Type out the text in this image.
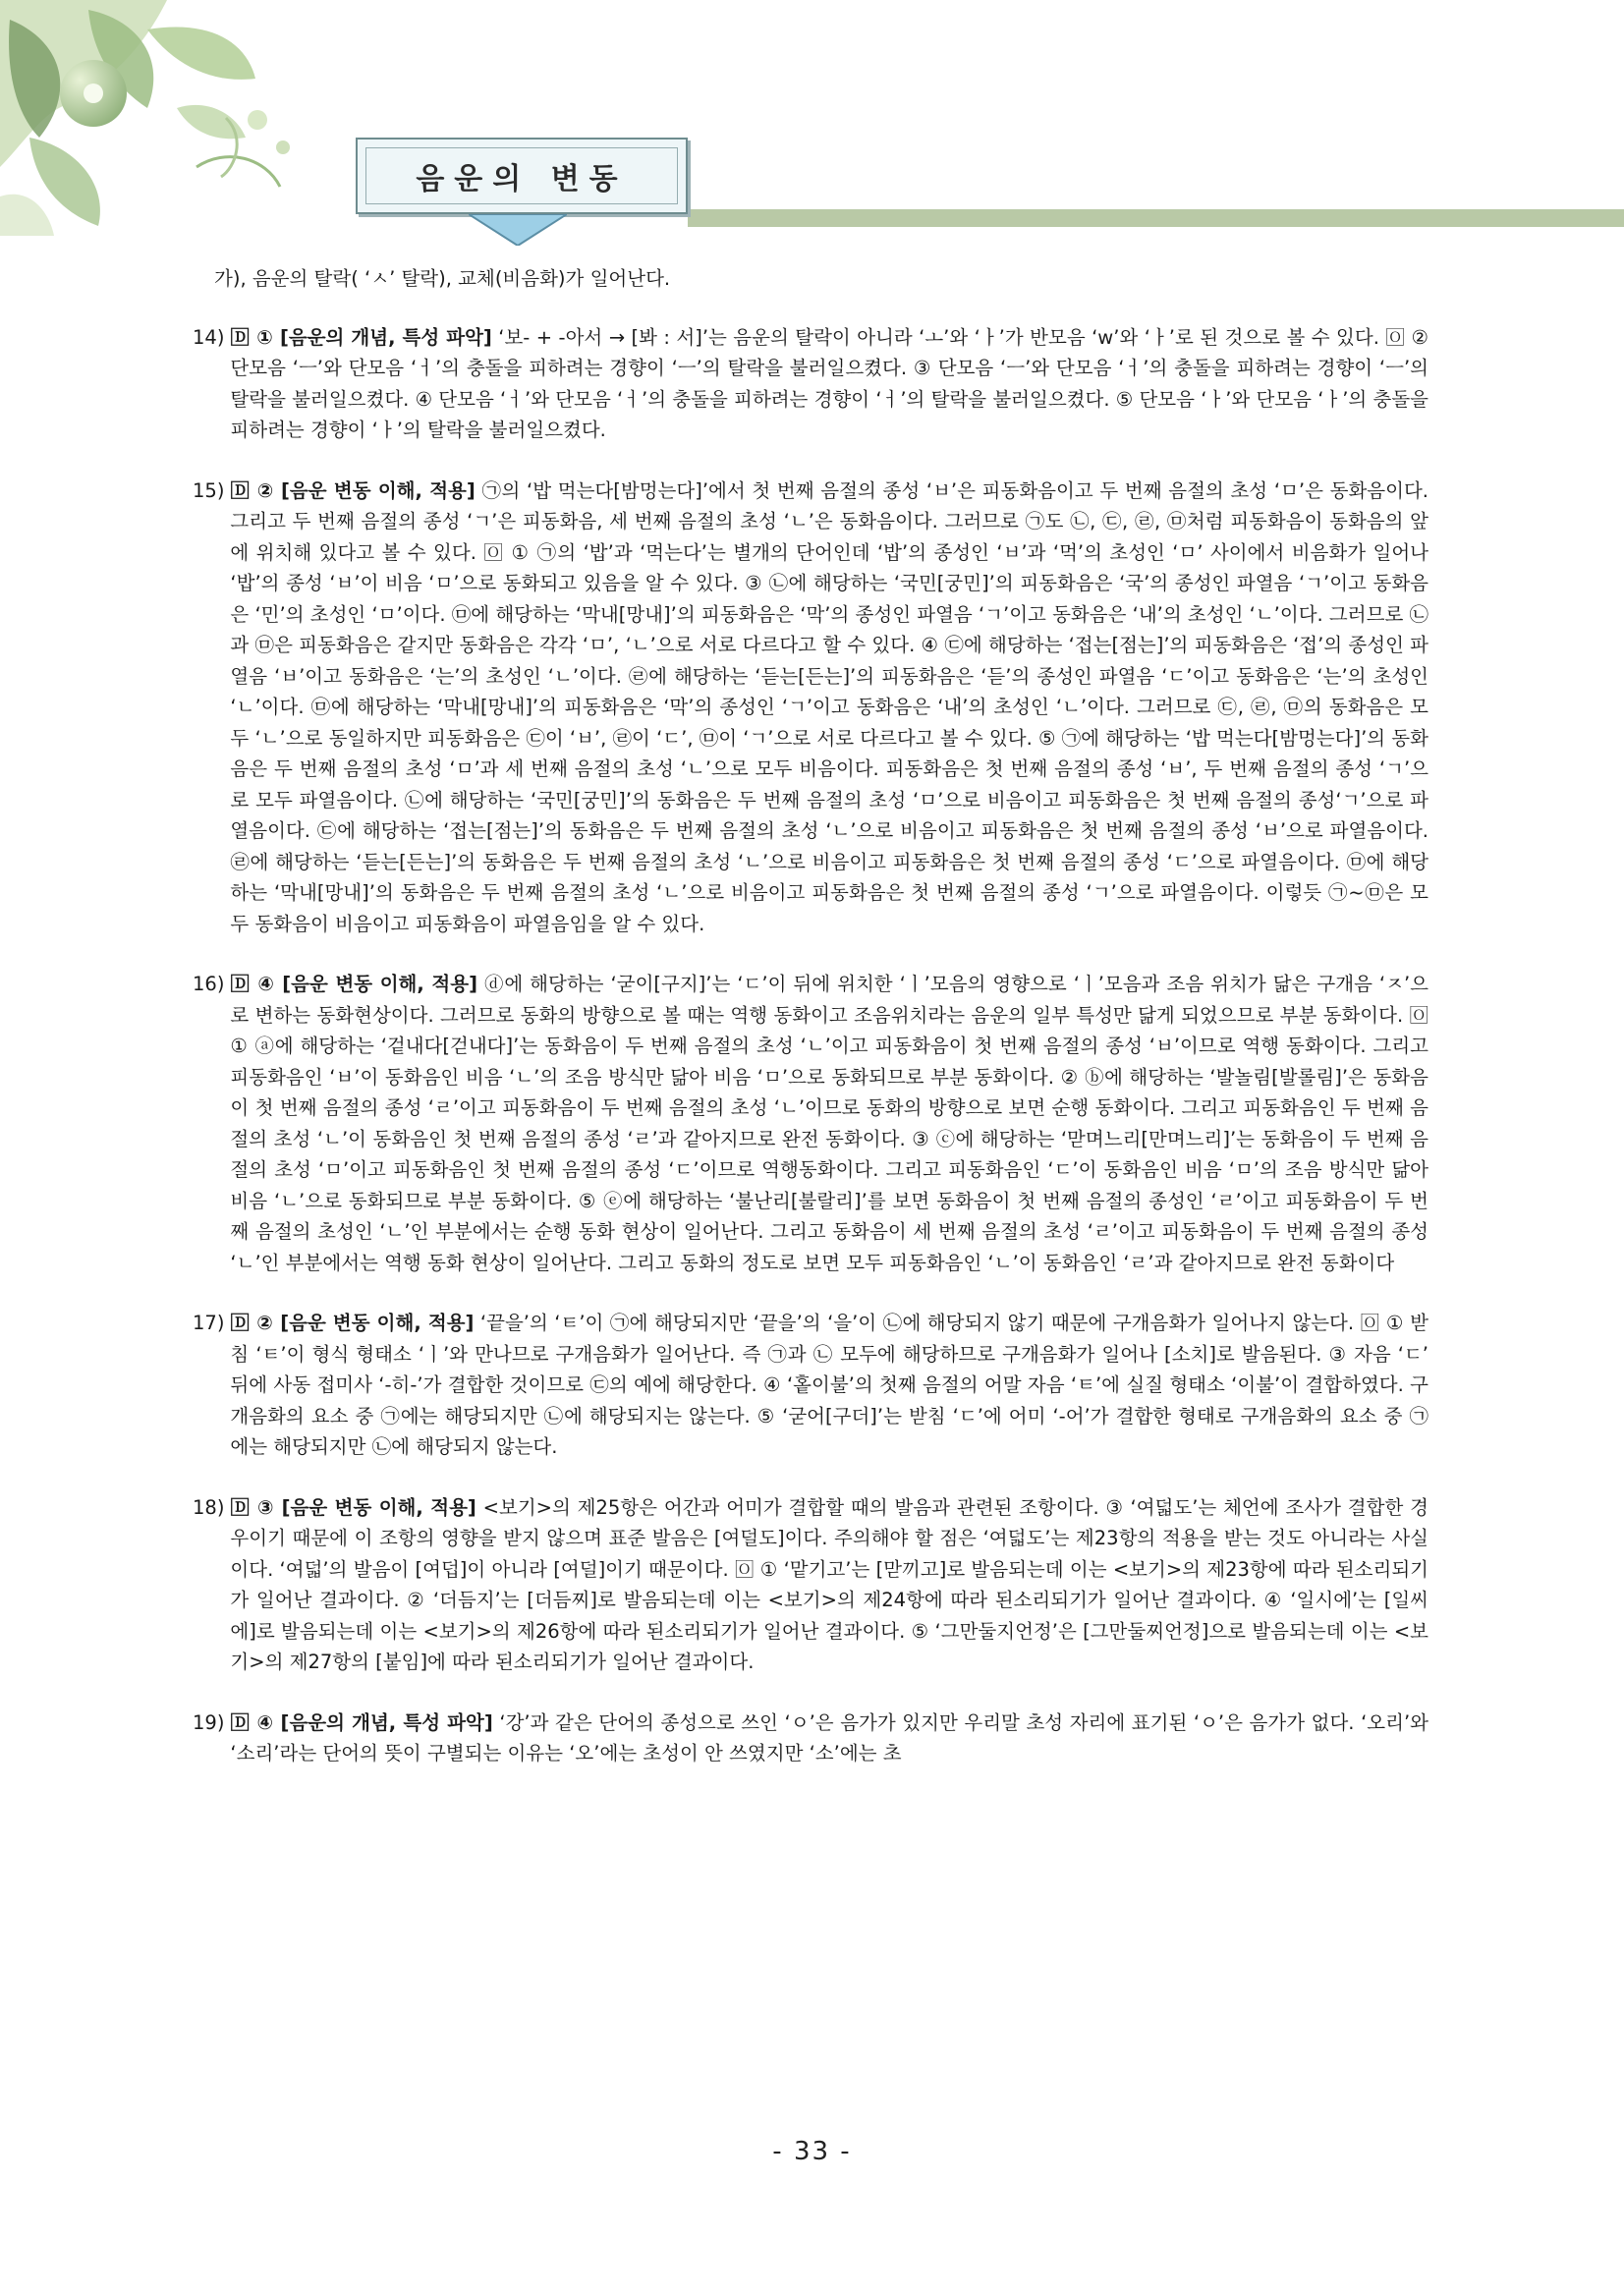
음운의 변동

가), 음운의 탈락( ‘ㅅ’ 탈락), 교체(비음화)가 일어난다.

14) 🄳 ① [음운의 개념, 특성 파악] ‘보- + -아서 → [봐 : 서]’는 음운의 탈락이 아니라 ‘ㅗ’와 ‘ㅏ’가 반모음 ‘w’와 ‘ㅏ’로 된 것으로 볼 수 있다. 🄾 ② 단모음 ‘ㅡ’와 단모음 ‘ㅓ’의 충돌을 피하려는 경향이 ‘ㅡ’의 탈락을 불러일으켰다. ③ 단모음 ‘ㅡ’와 단모음 ‘ㅓ’의 충돌을 피하려는 경향이 ‘ㅡ’의 탈락을 불러일으켰다. ④ 단모음 ‘ㅓ’와 단모음 ‘ㅓ’의 충돌을 피하려는 경향이 ‘ㅓ’의 탈락을 불러일으켰다. ⑤ 단모음 ‘ㅏ’와 단모음 ‘ㅏ’의 충돌을 피하려는 경향이 ‘ㅏ’의 탈락을 불러일으켰다.
15) 🄳 ② [음운 변동 이해, 적용] ㉠의 ‘밥 먹는다[밤멍는다]’에서 첫 번째 음절의 종성 ‘ㅂ’은 피동화음이고 두 번째 음절의 초성 ‘ㅁ’은 동화음이다. 그리고 두 번째 음절의 종성 ‘ㄱ’은 피동화음, 세 번째 음절의 초성 ‘ㄴ’은 동화음이다. 그러므로 ㉠도 ㉡, ㉢, ㉣, ㉤처럼 피동화음이 동화음의 앞에 위치해 있다고 볼 수 있다. 🄾 ① ㉠의 ‘밥’과 ‘먹는다’는 별개의 단어인데 ‘밥’의 종성인 ‘ㅂ’과 ‘먹’의 초성인 ‘ㅁ’ 사이에서 비음화가 일어나 ‘밥’의 종성 ‘ㅂ’이 비음 ‘ㅁ’으로 동화되고 있음을 알 수 있다. ③ ㉡에 해당하는 ‘국민[궁민]’의 피동화음은 ‘국’의 종성인 파열음 ‘ㄱ’이고 동화음은 ‘민’의 초성인 ‘ㅁ’이다. ㉤에 해당하는 ‘막내[망내]’의 피동화음은 ‘막’의 종성인 파열음 ‘ㄱ’이고 동화음은 ‘내’의 초성인 ‘ㄴ’이다. 그러므로 ㉡과 ㉤은 피동화음은 같지만 동화음은 각각 ‘ㅁ’, ‘ㄴ’으로 서로 다르다고 할 수 있다. ④ ㉢에 해당하는 ‘접는[점는]’의 피동화음은 ‘접’의 종성인 파열음 ‘ㅂ’이고 동화음은 ‘는’의 초성인 ‘ㄴ’이다. ㉣에 해당하는 ‘듣는[든는]’의 피동화음은 ‘듣’의 종성인 파열음 ‘ㄷ’이고 동화음은 ‘는’의 초성인 ‘ㄴ’이다. ㉤에 해당하는 ‘막내[망내]’의 피동화음은 ‘막’의 종성인 ‘ㄱ’이고 동화음은 ‘내’의 초성인 ‘ㄴ’이다. 그러므로 ㉢, ㉣, ㉤의 동화음은 모두 ‘ㄴ’으로 동일하지만 피동화음은 ㉢이 ‘ㅂ’, ㉣이 ‘ㄷ’, ㉤이 ‘ㄱ’으로 서로 다르다고 볼 수 있다. ⑤ ㉠에 해당하는 ‘밥 먹는다[밤멍는다]’의 동화음은 두 번째 음절의 초성 ‘ㅁ’과 세 번째 음절의 초성 ‘ㄴ’으로 모두 비음이다. 피동화음은 첫 번째 음절의 종성 ‘ㅂ’, 두 번째 음절의 종성 ‘ㄱ’으로 모두 파열음이다. ㉡에 해당하는 ‘국민[궁민]’의 동화음은 두 번째 음절의 초성 ‘ㅁ’으로 비음이고 피동화음은 첫 번째 음절의 종성‘ㄱ’으로 파열음이다. ㉢에 해당하는 ‘접는[점는]’의 동화음은 두 번째 음절의 초성 ‘ㄴ’으로 비음이고 피동화음은 첫 번째 음절의 종성 ‘ㅂ’으로 파열음이다. ㉣에 해당하는 ‘듣는[든는]’의 동화음은 두 번째 음절의 초성 ‘ㄴ’으로 비음이고 피동화음은 첫 번째 음절의 종성 ‘ㄷ’으로 파열음이다. ㉤에 해당하는 ‘막내[망내]’의 동화음은 두 번째 음절의 초성 ‘ㄴ’으로 비음이고 피동화음은 첫 번째 음절의 종성 ‘ㄱ’으로 파열음이다. 이렇듯 ㉠~㉤은 모두 동화음이 비음이고 피동화음이 파열음임을 알 수 있다.
16) 🄳 ④ [음운 변동 이해, 적용] ⓓ에 해당하는 ‘굳이[구지]’는 ‘ㄷ’이 뒤에 위치한 ‘ㅣ’모음의 영향으로 ‘ㅣ’모음과 조음 위치가 닮은 구개음 ‘ㅈ’으로 변하는 동화현상이다. 그러므로 동화의 방향으로 볼 때는 역행 동화이고 조음위치라는 음운의 일부 특성만 닮게 되었으므로 부분 동화이다. 🄾 ① ⓐ에 해당하는 ‘겉내다[걷내다]’는 동화음이 두 번째 음절의 초성 ‘ㄴ’이고 피동화음이 첫 번째 음절의 종성 ‘ㅂ’이므로 역행 동화이다. 그리고 피동화음인 ‘ㅂ’이 동화음인 비음 ‘ㄴ’의 조음 방식만 닮아 비음 ‘ㅁ’으로 동화되므로 부분 동화이다. ② ⓑ에 해당하는 ‘발놀림[발롤림]’은 동화음이 첫 번째 음절의 종성 ‘ㄹ’이고 피동화음이 두 번째 음절의 초성 ‘ㄴ’이므로 동화의 방향으로 보면 순행 동화이다. 그리고 피동화음인 두 번째 음절의 초성 ‘ㄴ’이 동화음인 첫 번째 음절의 종성 ‘ㄹ’과 같아지므로 완전 동화이다. ③ ⓒ에 해당하는 ‘맏며느리[만며느리]’는 동화음이 두 번째 음절의 초성 ‘ㅁ’이고 피동화음인 첫 번째 음절의 종성 ‘ㄷ’이므로 역행동화이다. 그리고 피동화음인 ‘ㄷ’이 동화음인 비음 ‘ㅁ’의 조음 방식만 닮아 비음 ‘ㄴ’으로 동화되므로 부분 동화이다. ⑤ ⓔ에 해당하는 ‘불난리[불랄리]’를 보면 동화음이 첫 번째 음절의 종성인 ‘ㄹ’이고 피동화음이 두 번째 음절의 초성인 ‘ㄴ’인 부분에서는 순행 동화 현상이 일어난다. 그리고 동화음이 세 번째 음절의 초성 ‘ㄹ’이고 피동화음이 두 번째 음절의 종성 ‘ㄴ’인 부분에서는 역행 동화 현상이 일어난다. 그리고 동화의 정도로 보면 모두 피동화음인 ‘ㄴ’이 동화음인 ‘ㄹ’과 같아지므로 완전 동화이다
17) 🄳 ② [음운 변동 이해, 적용] ‘끝을’의 ‘ㅌ’이 ㉠에 해당되지만 ‘끝을’의 ‘을’이 ㉡에 해당되지 않기 때문에 구개음화가 일어나지 않는다. 🄾 ① 받침 ‘ㅌ’이 형식 형태소 ‘ㅣ’와 만나므로 구개음화가 일어난다. 즉 ㉠과 ㉡ 모두에 해당하므로 구개음화가 일어나 [소치]로 발음된다. ③ 자음 ‘ㄷ’ 뒤에 사동 접미사 ‘-히-’가 결합한 것이므로 ㉢의 예에 해당한다. ④ ‘홑이불’의 첫째 음절의 어말 자음 ‘ㅌ’에 실질 형태소 ‘이불’이 결합하였다. 구개음화의 요소 중 ㉠에는 해당되지만 ㉡에 해당되지는 않는다. ⑤ ‘굳어[구더]’는 받침 ‘ㄷ’에 어미 ‘-어’가 결합한 형태로 구개음화의 요소 중 ㉠에는 해당되지만 ㉡에 해당되지 않는다.
18) 🄳 ③ [음운 변동 이해, 적용] <보기>의 제25항은 어간과 어미가 결합할 때의 발음과 관련된 조항이다. ③ ‘여덟도’는 체언에 조사가 결합한 경우이기 때문에 이 조항의 영향을 받지 않으며 표준 발음은 [여덜도]이다. 주의해야 할 점은 ‘여덟도’는 제23항의 적용을 받는 것도 아니라는 사실이다. ‘여덟’의 발음이 [여덥]이 아니라 [여덜]이기 때문이다. 🄾 ① ‘맡기고’는 [맏끼고]로 발음되는데 이는 <보기>의 제23항에 따라 된소리되기가 일어난 결과이다. ② ‘더듬지’는 [더듬찌]로 발음되는데 이는 <보기>의 제24항에 따라 된소리되기가 일어난 결과이다. ④ ‘일시에’는 [일씨에]로 발음되는데 이는 <보기>의 제26항에 따라 된소리되기가 일어난 결과이다. ⑤ ‘그만둘지언정’은 [그만둘찌언정]으로 발음되는데 이는 <보기>의 제27항의 [붙임]에 따라 된소리되기가 일어난 결과이다.
19) 🄳 ④ [음운의 개념, 특성 파악] ‘강’과 같은 단어의 종성으로 쓰인 ‘ㅇ’은 음가가 있지만 우리말 초성 자리에 표기된 ‘ㅇ’은 음가가 없다. ‘오리’와 ‘소리’라는 단어의 뜻이 구별되는 이유는 ‘오’에는 초성이 안 쓰였지만 ‘소’에는 초
- 33 -
